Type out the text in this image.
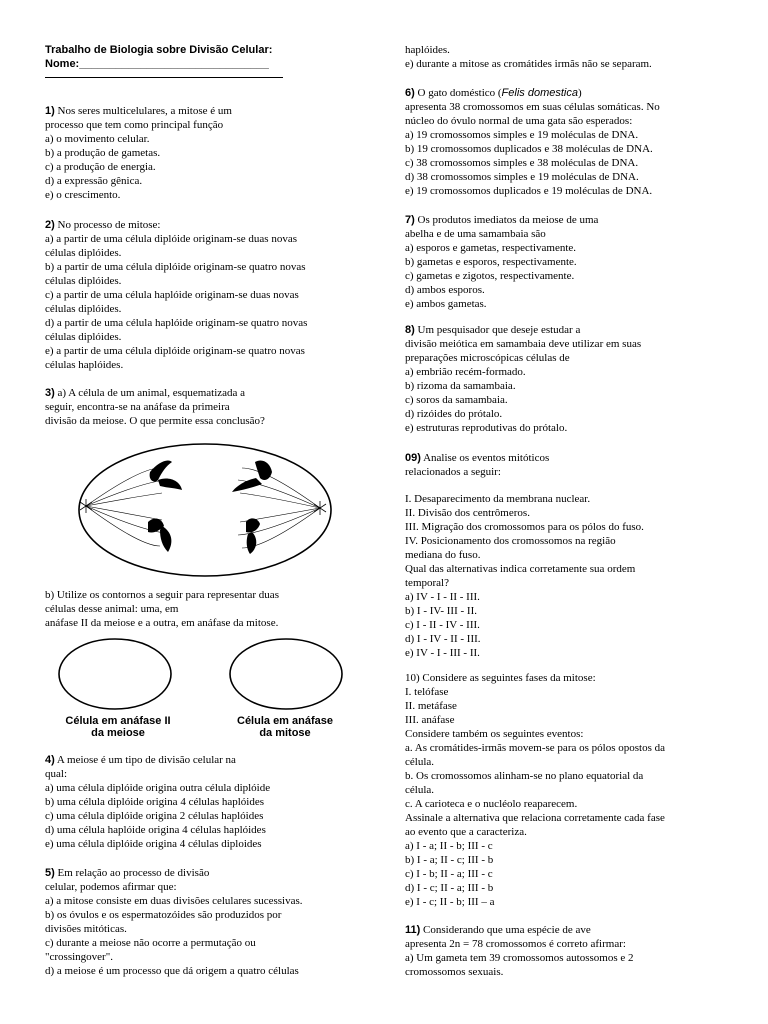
Trabalho de Biologia sobre Divisão Celular:

Nome:_______________________________

1) Nos seres multicelulares, a mitose é um
processo que tem como principal função

a) o movimento celular.

b) a produção de gametas.

c) a produção de energia.

d) a expressão gênica.

e) o crescimento.

2) No processo de mitose:

a) a partir de uma célula diplóide originam-se duas novas
células diplóides.

b) a partir de uma célula diplóide originam-se quatro novas
células diplóides.

c) a partir de uma célula haplóide originam-se duas novas
células diplóides.

d) a partir de uma célula haplóide originam-se quatro novas
células diplóides.

e) a partir de uma célula diplóide originam-se quatro novas
células haplóides.

3) a) A célula de um animal, esquematizada a
seguir, encontra-se na anáfase da primeira
divisão da meiose. O que permite essa conclusão?

b) Utilize os contornos a seguir para representar duas
células desse animal: uma, em
anáfase II da meiose e a outra, em anáfase da mitose.

Célula em anáfase II
da meiose

Célula em anáfase
da mitose

4) A meiose é um tipo de divisão celular na
qual:

a) uma célula diplóide origina outra célula diplóide

b) uma célula diplóide origina 4 células haplóides

c) uma célula diplóide origina 2 células haplóides

d) uma célula haplóide origina 4 células haplóides

e) uma célula diplóide origina 4 células diploides

5) Em relação ao processo de divisão
celular, podemos afirmar que:

a) a mitose consiste em duas divisões celulares sucessivas.

b) os óvulos e os espermatozóides são produzidos por
divisões mitóticas.

c) durante a meiose não ocorre a permutação ou
"crossingover".

d) a meiose é um processo que dá origem a quatro células

haplóides.

e) durante a mitose as cromátides irmãs não se separam.

6) O gato doméstico (Felis domestica)

apresenta 38 cromossomos em suas células somáticas. No
núcleo do óvulo normal de uma gata são esperados:

a) 19 cromossomos simples e 19 moléculas de DNA.

b) 19 cromossomos duplicados e 38 moléculas de DNA.

c) 38 cromossomos simples e 38 moléculas de DNA.

d) 38 cromossomos simples e 19 moléculas de DNA.

e) 19 cromossomos duplicados e 19 moléculas de DNA.

7) Os produtos imediatos da meiose de uma
abelha e de uma samambaia são

a) esporos e gametas, respectivamente.

b) gametas e esporos, respectivamente.

c) gametas e zigotos, respectivamente.

d) ambos esporos.

e) ambos gametas.

8) Um pesquisador que deseje estudar a
divisão meiótica em samambaia deve utilizar em suas
preparações microscópicas células de

a) embrião recém-formado.

b) rizoma da samambaia.

c) soros da samambaia.

d) rizóides do prótalo.

e) estruturas reprodutivas do prótalo.

09) Analise os eventos mitóticos
relacionados a seguir:

I. Desaparecimento da membrana nuclear.

II. Divisão dos centrômeros.

III. Migração dos cromossomos para os pólos do fuso.

IV. Posicionamento dos cromossomos na região
mediana do fuso.

Qual das alternativas indica corretamente sua ordem
temporal?

a) IV - I - II - III.

b) I - IV- III - II.

c) I - II - IV - III.

d) I - IV - II - III.

e) IV - I - III - II.

10) Considere as seguintes fases da mitose:

I. telófase

II. metáfase

III. anáfase

Considere também os seguintes eventos:

a. As cromátides-irmãs movem-se para os pólos opostos da
célula.

b. Os cromossomos alinham-se no plano equatorial da
célula.

c. A carioteca e o nucléolo reaparecem.

Assinale a alternativa que relaciona corretamente cada fase
ao evento que a caracteriza.

a) I - a; II - b; III - c

b) I - a; II - c; III - b

c) I - b; II - a; III - c

d) I - c; II - a; III - b

e) I - c; II - b; III – a

11) Considerando que uma espécie de ave
apresenta 2n = 78 cromossomos é correto afirmar:

a) Um gameta tem 39 cromossomos autossomos e 2
cromossomos sexuais.
